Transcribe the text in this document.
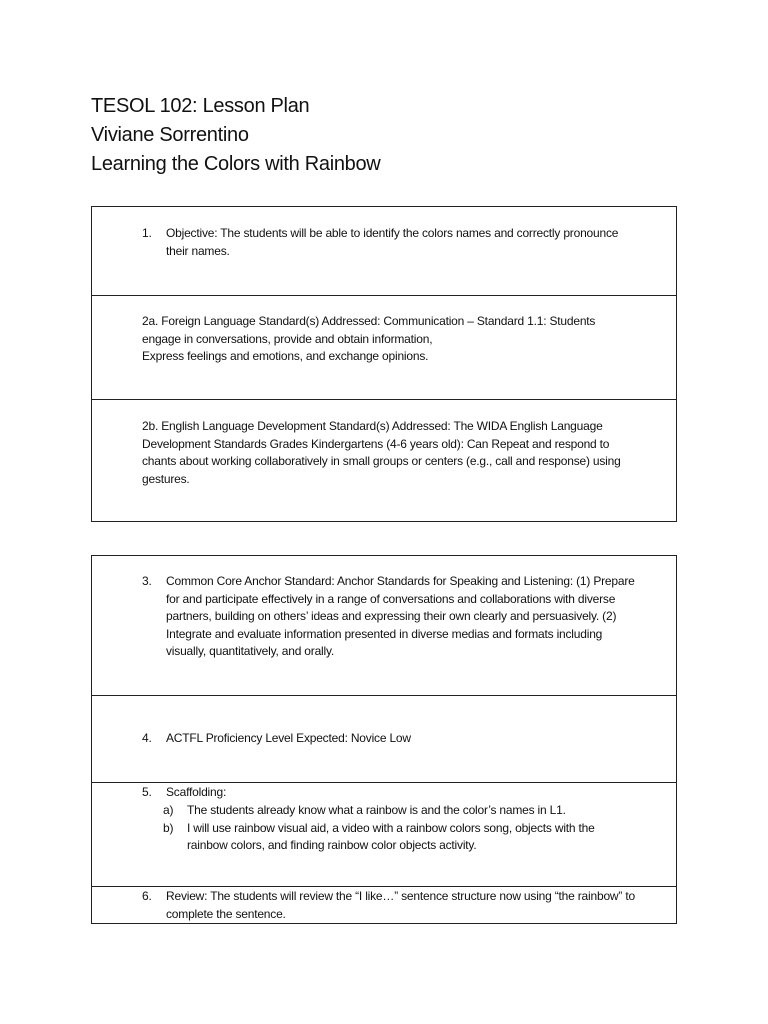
TESOL 102: Lesson Plan
Viviane Sorrentino
Learning the Colors with Rainbow
1.	Objective: The students will be able to identify the colors names and correctly pronounce their names.
2a. Foreign Language Standard(s) Addressed: Communication – Standard 1.1: Students engage in conversations, provide and obtain information,
Express feelings and emotions, and exchange opinions.
2b. English Language Development Standard(s) Addressed: The WIDA English Language Development Standards Grades Kindergartens (4-6 years old): Can Repeat and respond to chants about working collaboratively in small groups or centers (e.g., call and response) using gestures.
3.	Common Core Anchor Standard: Anchor Standards for Speaking and Listening: (1) Prepare for and participate effectively in a range of conversations and collaborations with diverse partners, building on others’ ideas and expressing their own clearly and persuasively. (2) Integrate and evaluate information presented in diverse medias and formats including visually, quantitatively, and orally.
4.	ACTFL Proficiency Level Expected: Novice Low
5.	Scaffolding:
a)	The students already know what a rainbow is and the color’s names in L1.
b)	I will use rainbow visual aid, a video with a rainbow colors song, objects with the rainbow colors, and finding rainbow color objects activity.
6.	Review: The students will review the “I like…” sentence structure now using “the rainbow” to complete the sentence.
